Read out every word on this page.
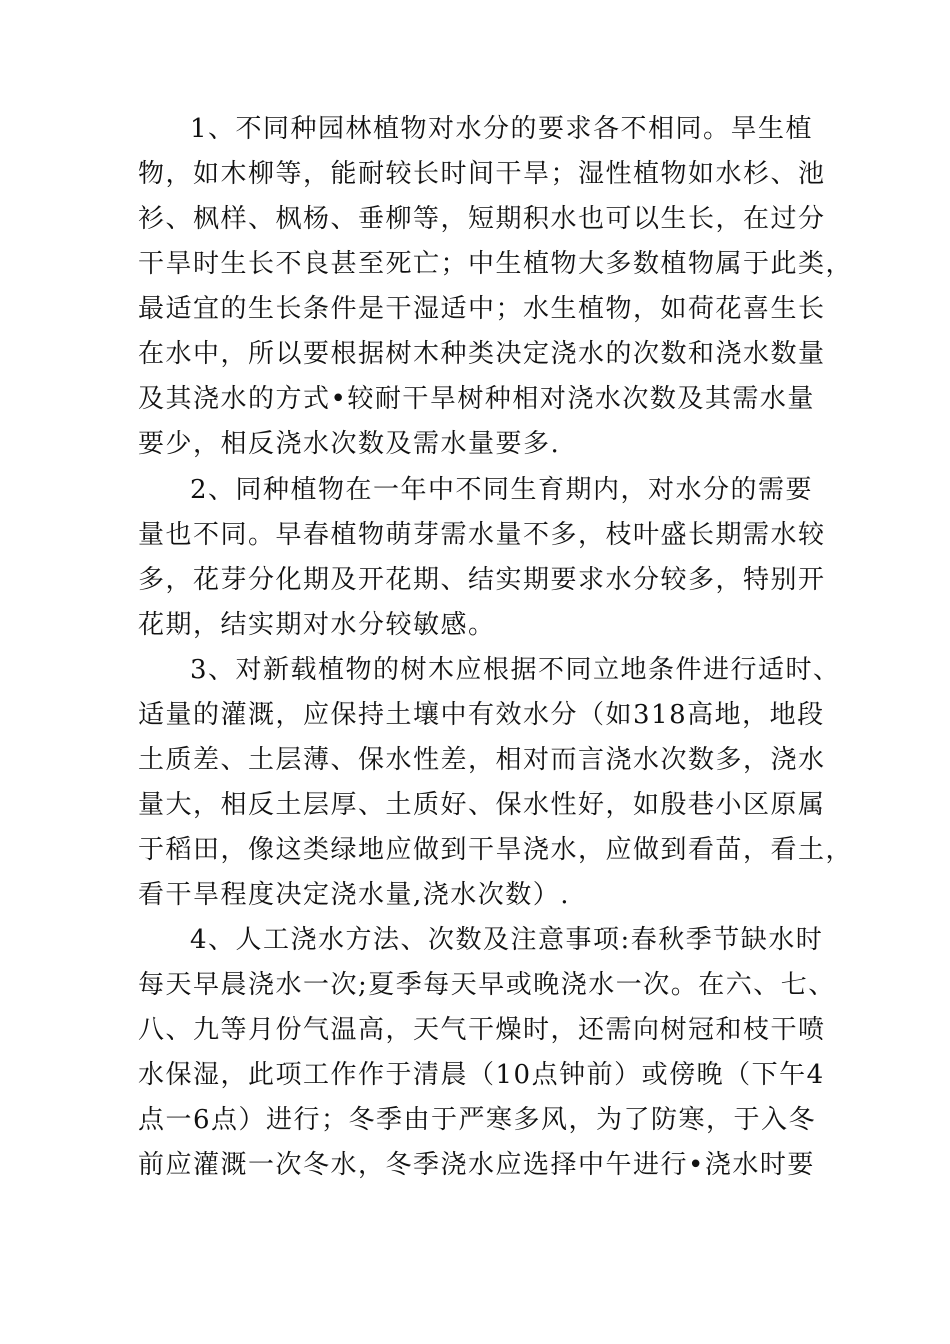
1、不同种园林植物对水分的要求各不相同。旱生植
物，如木柳等，能耐较长时间干旱；湿性植物如水杉、池
衫、枫样、枫杨、垂柳等，短期积水也可以生长，在过分
干旱时生长不良甚至死亡；中生植物大多数植物属于此类，
最适宜的生长条件是干湿适中；水生植物，如荷花喜生长
在水中，所以要根据树木种类决定浇水的次数和浇水数量
及其浇水的方式•较耐干旱树种相对浇水次数及其需水量
要少，相反浇水次数及需水量要多.
2、同种植物在一年中不同生育期内，对水分的需要
量也不同。早春植物萌芽需水量不多，枝叶盛长期需水较
多，花芽分化期及开花期、结实期要求水分较多，特别开
花期，结实期对水分较敏感。
3、对新载植物的树木应根据不同立地条件进行适时、
适量的灌溉，应保持土壤中有效水分（如318高地，地段
土质差、土层薄、保水性差，相对而言浇水次数多，浇水
量大，相反土层厚、土质好、保水性好，如殷巷小区原属
于稻田，像这类绿地应做到干旱浇水，应做到看苗，看土，
看干旱程度决定浇水量,浇水次数）.
4、人工浇水方法、次数及注意事项:春秋季节缺水时
每天早晨浇水一次;夏季每天早或晚浇水一次。在六、七、
八、九等月份气温高，天气干燥时，还需向树冠和枝干喷
水保湿，此项工作作于清晨（10点钟前）或傍晚（下午4
点一6点）进行；冬季由于严寒多风，为了防寒，于入冬
前应灌溉一次冬水，冬季浇水应选择中午进行•浇水时要
